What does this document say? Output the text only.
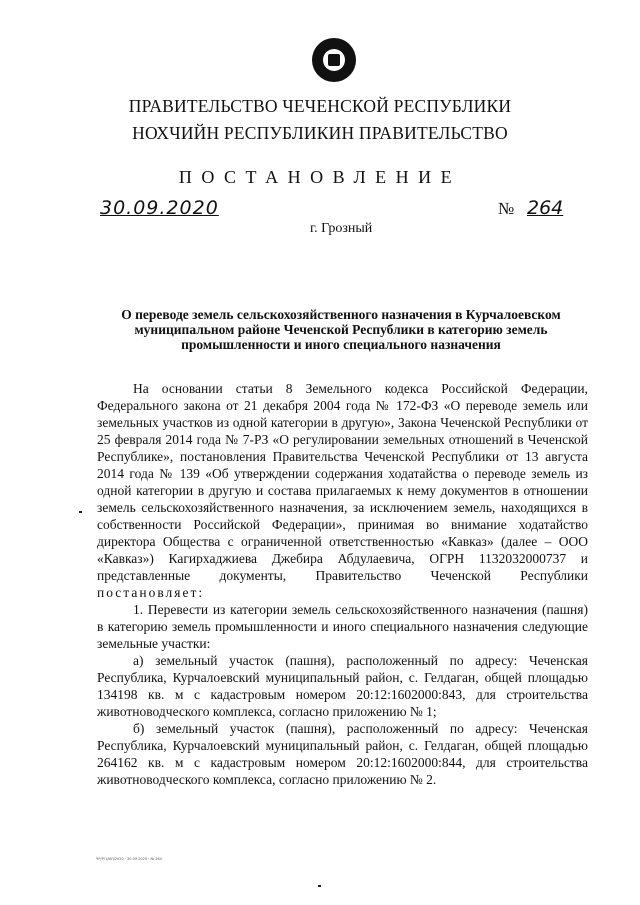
ПРАВИТЕЛЬСТВО ЧЕЧЕНСКОЙ РЕСПУБЛИКИ
НОХЧИЙН РЕСПУБЛИКИН ПРАВИТЕЛЬСТВО
ПОСТАНОВЛЕНИЕ
30.09.2020	№ 264
г. Грозный
О переводе земель сельскохозяйственного назначения в Курчалоевском муниципальном районе Чеченской Республики в категорию земель промышленности и иного специального назначения

На основании статьи 8 Земельного кодекса Российской Федерации, Федерального закона от 21 декабря 2004 года № 172-ФЗ «О переводе земель или земельных участков из одной категории в другую», Закона Чеченской Республики от 25 февраля 2014 года № 7-РЗ «О регулировании земельных отношений в Чеченской Республике», постановления Правительства Чеченской Республики от 13 августа 2014 года № 139 «Об утверждении содержания ходатайства о переводе земель из одной категории в другую и состава прилагаемых к нему документов в отношении земель сельскохозяйственного назначения, за исключением земель, находящихся в собственности Российской Федерации», принимая во внимание ходатайство директора Общества с ограниченной ответственностью «Кавказ» (далее – ООО «Кавказ») Кагирхаджиева Джебира Абдулаевича, ОГРН 1132032000737 и представленные документы, Правительство Чеченской Республики постановляет:

1. Перевести из категории земель сельскохозяйственного назначения (пашня) в категорию земель промышленности и иного специального назначения следующие земельные участки:

а) земельный участок (пашня), расположенный по адресу: Чеченская Республика, Курчалоевский муниципальный район, с. Гелдаган, общей площадью 134198 кв. м с кадастровым номером 20:12:1602000:843, для строительства животноводческого комплекса, согласно приложению № 1;

б) земельный участок (пашня), расположенный по адресу: Чеченская Республика, Курчалоевский муниципальный район, с. Гелдаган, общей площадью 264162 кв. м с кадастровым номером 20:12:1602000:844, для строительства животноводческого комплекса, согласно приложению № 2.

ЧР/Р/1/ИЛ/2020 · 30.09.2020 · № 264
